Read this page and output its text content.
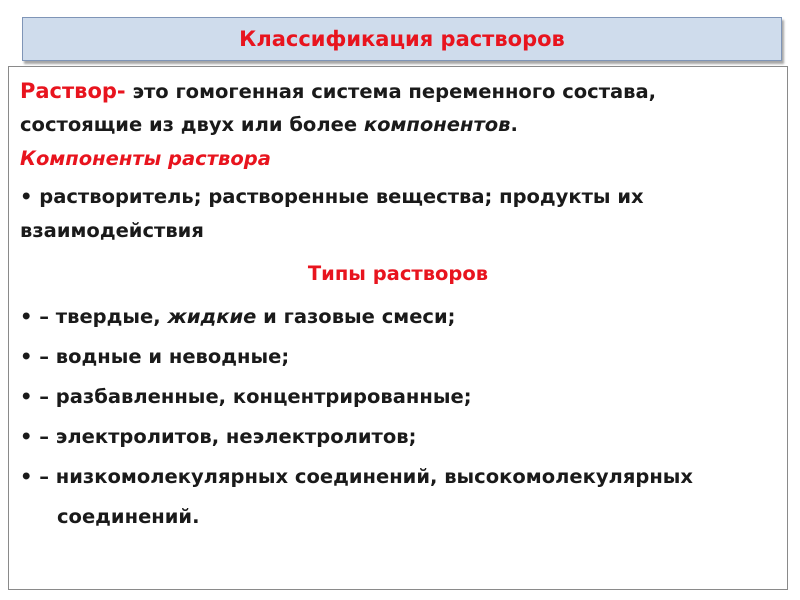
Классификация растворов
Раствор- это гомогенная система переменного состава,
состоящие из двух или более компонентов.
Компоненты раствора
• растворитель; растворенные вещества; продукты их
взаимодействия
Типы растворов
• – твердые, жидкие и газовые смеси;
• – водные и неводные;
• – разбавленные, концентрированные;
• – электролитов, неэлектролитов;
• – низкомолекулярных соединений, высокомолекулярных
соединений.
